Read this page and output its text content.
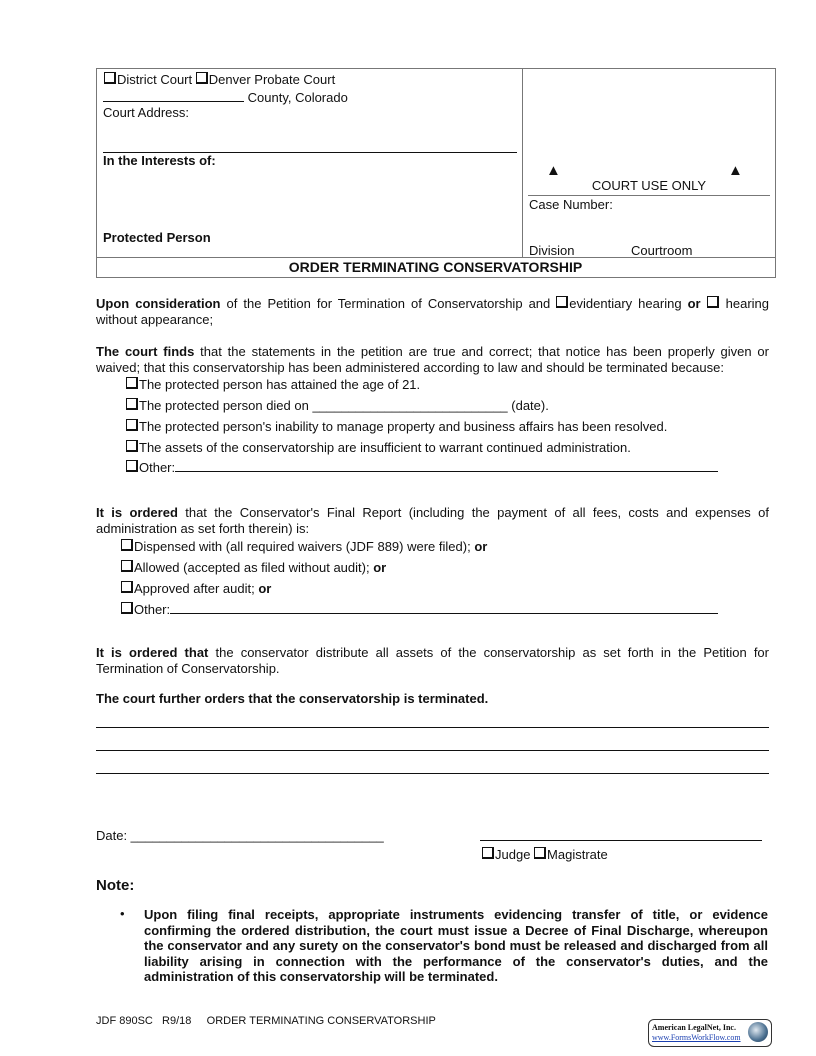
District Court Denver Probate Court
County, Colorado
Court Address:
In the Interests of:
Protected Person
▲	▲
COURT USE ONLY
Case Number:
Division	Courtroom
ORDER TERMINATING CONSERVATORSHIP
Upon consideration of the Petition for Termination of Conservatorship and evidentiary hearing or  hearing without appearance;
The court finds that the statements in the petition are true and correct; that notice has been properly given or waived; that this conservatorship has been administered according to law and should be terminated because:
The protected person has attained the age of 21.
The protected person died on ___________________________ (date).
The protected person's inability to manage property and business affairs has been resolved.
The assets of the conservatorship are insufficient to warrant continued administration.
Other:
It is ordered that the Conservator's Final Report (including the payment of all fees, costs and expenses of administration as set forth therein) is:
Dispensed with (all required waivers (JDF 889) were filed); or
Allowed (accepted as filed without audit); or
Approved after audit; or
Other:
It is ordered that the conservator distribute all assets of the conservatorship as set forth in the Petition for Termination of Conservatorship.
The court further orders that the conservatorship is terminated.
Date: ___________________________________
Judge Magistrate
Note:
• Upon filing final receipts, appropriate instruments evidencing transfer of title, or evidence confirming the ordered distribution, the court must issue a Decree of Final Discharge, whereupon the conservator and any surety on the conservator's bond must be released and discharged from all liability arising in connection with the performance of the conservator's duties, and the administration of this conservatorship will be terminated.
JDF 890SC   R9/18     ORDER TERMINATING CONSERVATORSHIP
American LegalNet, Inc.
www.FormsWorkFlow.com
